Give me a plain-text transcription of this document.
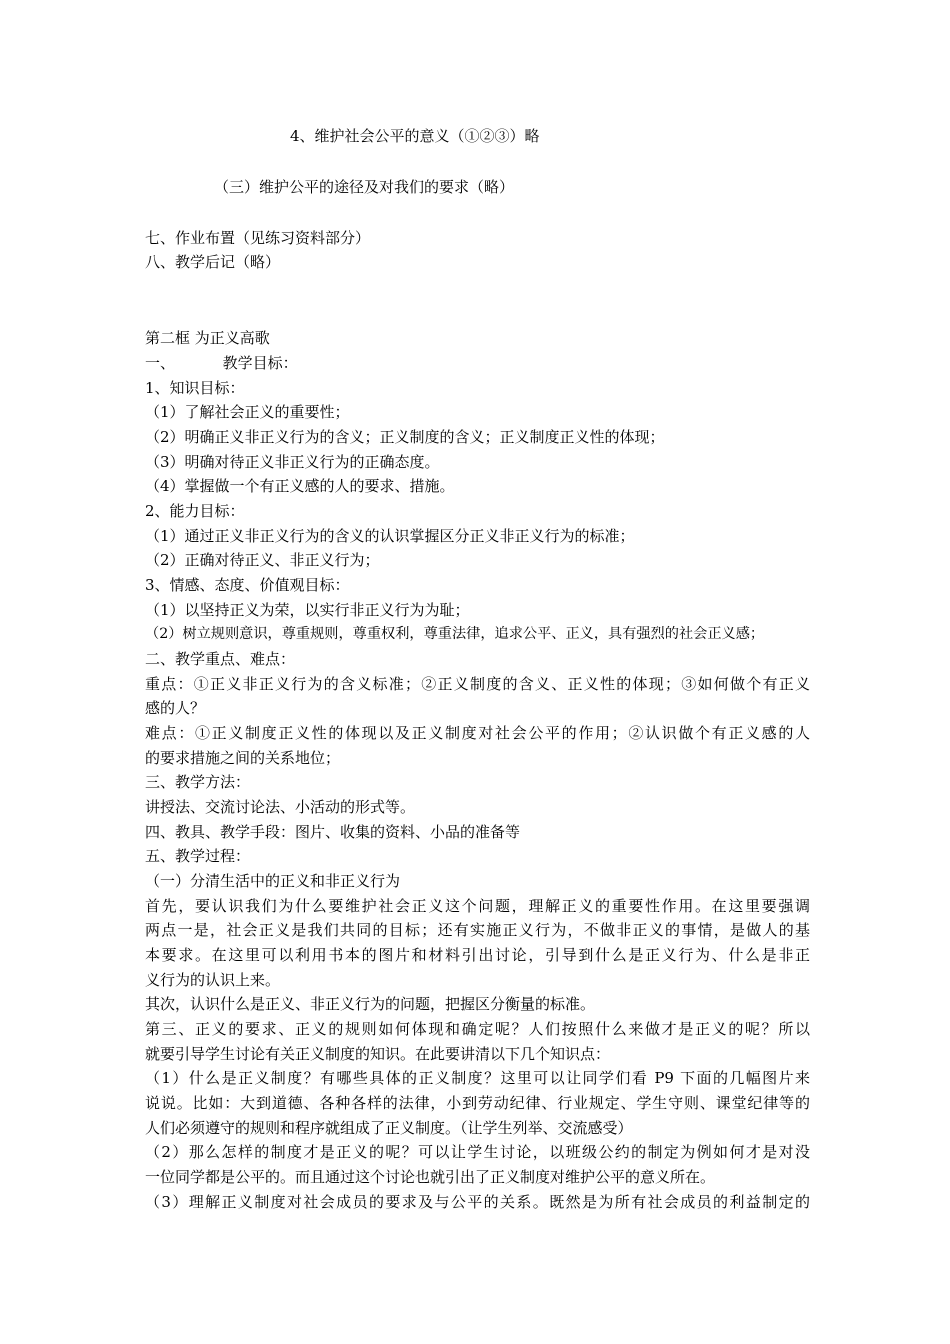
4、维护社会公平的意义（①②③）略
（三）维护公平的途径及对我们的要求（略）
七、作业布置（见练习资料部分）
八、教学后记（略）
第二框 为正义高歌
一、          教学目标：
1、知识目标：
（1）了解社会正义的重要性；
（2）明确正义非正义行为的含义；正义制度的含义；正义制度正义性的体现；
（3）明确对待正义非正义行为的正确态度。
（4）掌握做一个有正义感的人的要求、措施。
2、能力目标：
（1）通过正义非正义行为的含义的认识掌握区分正义非正义行为的标准；
（2）正确对待正义、非正义行为；
3、情感、态度、价值观目标：
（1）以坚持正义为荣，以实行非正义行为为耻；
（2）树立规则意识，尊重规则，尊重权利，尊重法律，追求公平、正义，具有强烈的社会正义感；
二、教学重点、难点：
重点：①正义非正义行为的含义标准；②正义制度的含义、正义性的体现；③如何做个有正义
感的人？
难点：①正义制度正义性的体现以及正义制度对社会公平的作用；②认识做个有正义感的人
的要求措施之间的关系地位；
三、教学方法：
讲授法、交流讨论法、小活动的形式等。
四、教具、教学手段：图片、收集的资料、小品的准备等
五、教学过程：
（一）分清生活中的正义和非正义行为
首先，要认识我们为什么要维护社会正义这个问题，理解正义的重要性作用。在这里要强调
两点一是，社会正义是我们共同的目标；还有实施正义行为，不做非正义的事情，是做人的基
本要求。在这里可以利用书本的图片和材料引出讨论，引导到什么是正义行为、什么是非正
义行为的认识上来。
其次，认识什么是正义、非正义行为的问题，把握区分衡量的标准。
第三、正义的要求、正义的规则如何体现和确定呢？人们按照什么来做才是正义的呢？所以
就要引导学生讨论有关正义制度的知识。在此要讲清以下几个知识点：
（1）什么是正义制度？有哪些具体的正义制度？这里可以让同学们看 P9 下面的几幅图片来
说说。比如：大到道德、各种各样的法律，小到劳动纪律、行业规定、学生守则、课堂纪律等的
人们必须遵守的规则和程序就组成了正义制度。（让学生列举、交流感受）
（2）那么怎样的制度才是正义的呢？可以让学生讨论，以班级公约的制定为例如何才是对没
一位同学都是公平的。而且通过这个讨论也就引出了正义制度对维护公平的意义所在。
（3）理解正义制度对社会成员的要求及与公平的关系。既然是为所有社会成员的利益制定的
